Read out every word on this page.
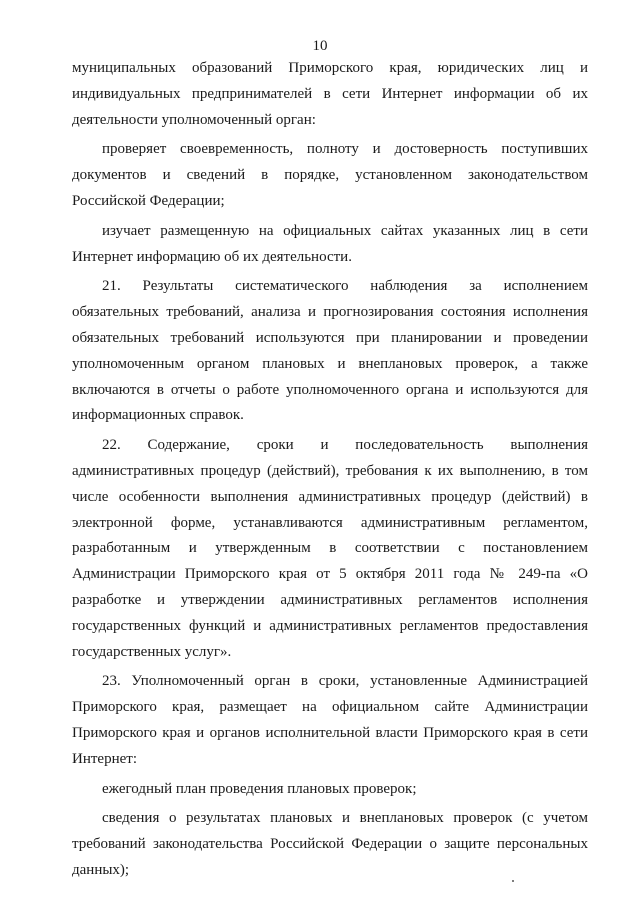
10
муниципальных образований Приморского края, юридических лиц и
индивидуальных предпринимателей в сети Интернет информации об их
деятельности уполномоченный орган:
проверяет своевременность, полноту и достоверность поступивших
документов и сведений в порядке, установленном законодательством
Российской Федерации;
изучает размещенную на официальных сайтах указанных лиц в сети
Интернет информацию об их деятельности.
21. Результаты систематического наблюдения за исполнением
обязательных требований, анализа и прогнозирования состояния исполнения
обязательных требований используются при планировании и проведении
уполномоченным органом плановых и внеплановых проверок, а также
включаются в отчеты о работе уполномоченного органа и используются для
информационных справок.
22. Содержание, сроки и последовательность выполнения
административных процедур (действий), требования к их выполнению, в том
числе особенности выполнения административных процедур (действий) в
электронной форме, устанавливаются административным регламентом,
разработанным и утвержденным в соответствии с постановлением
Администрации Приморского края от 5 октября 2011 года № 249-па «О
разработке и утверждении административных регламентов исполнения
государственных функций и административных регламентов предоставления
государственных услуг».
23. Уполномоченный орган в сроки, установленные Администрацией
Приморского края, размещает на официальном сайте Администрации
Приморского края и органов исполнительной власти Приморского края в сети
Интернет:
ежегодный план проведения плановых проверок;
сведения о результатах плановых и внеплановых проверок (с учетом
требований законодательства Российской Федерации о защите персональных
данных);
